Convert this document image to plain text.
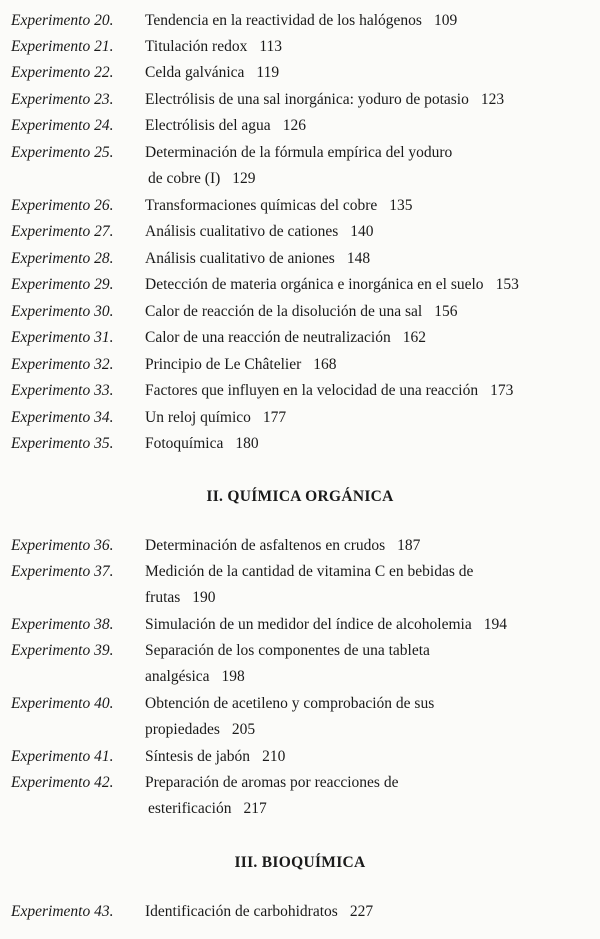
Experimento 20. Tendencia en la reactividad de los halógenos 109
Experimento 21. Titulación redox 113
Experimento 22. Celda galvánica 119
Experimento 23. Electrólisis de una sal inorgánica: yoduro de potasio 123
Experimento 24. Electrólisis del agua 126
Experimento 25. Determinación de la fórmula empírica del yoduro
de cobre (I) 129
Experimento 26. Transformaciones químicas del cobre 135
Experimento 27. Análisis cualitativo de cationes 140
Experimento 28. Análisis cualitativo de aniones 148
Experimento 29. Detección de materia orgánica e inorgánica en el suelo 153
Experimento 30. Calor de reacción de la disolución de una sal 156
Experimento 31. Calor de una reacción de neutralización 162
Experimento 32. Principio de Le Châtelier 168
Experimento 33. Factores que influyen en la velocidad de una reacción 173
Experimento 34. Un reloj químico 177
Experimento 35. Fotoquímica 180
II. QUÍMICA ORGÁNICA
Experimento 36. Determinación de asfaltenos en crudos 187
Experimento 37. Medición de la cantidad de vitamina C en bebidas de
frutas 190
Experimento 38. Simulación de un medidor del índice de alcoholemia 194
Experimento 39. Separación de los componentes de una tableta
analgésica 198
Experimento 40. Obtención de acetileno y comprobación de sus
propiedades 205
Experimento 41. Síntesis de jabón 210
Experimento 42. Preparación de aromas por reacciones de
esterificación 217
III. BIOQUÍMICA
Experimento 43. Identificación de carbohidratos 227
